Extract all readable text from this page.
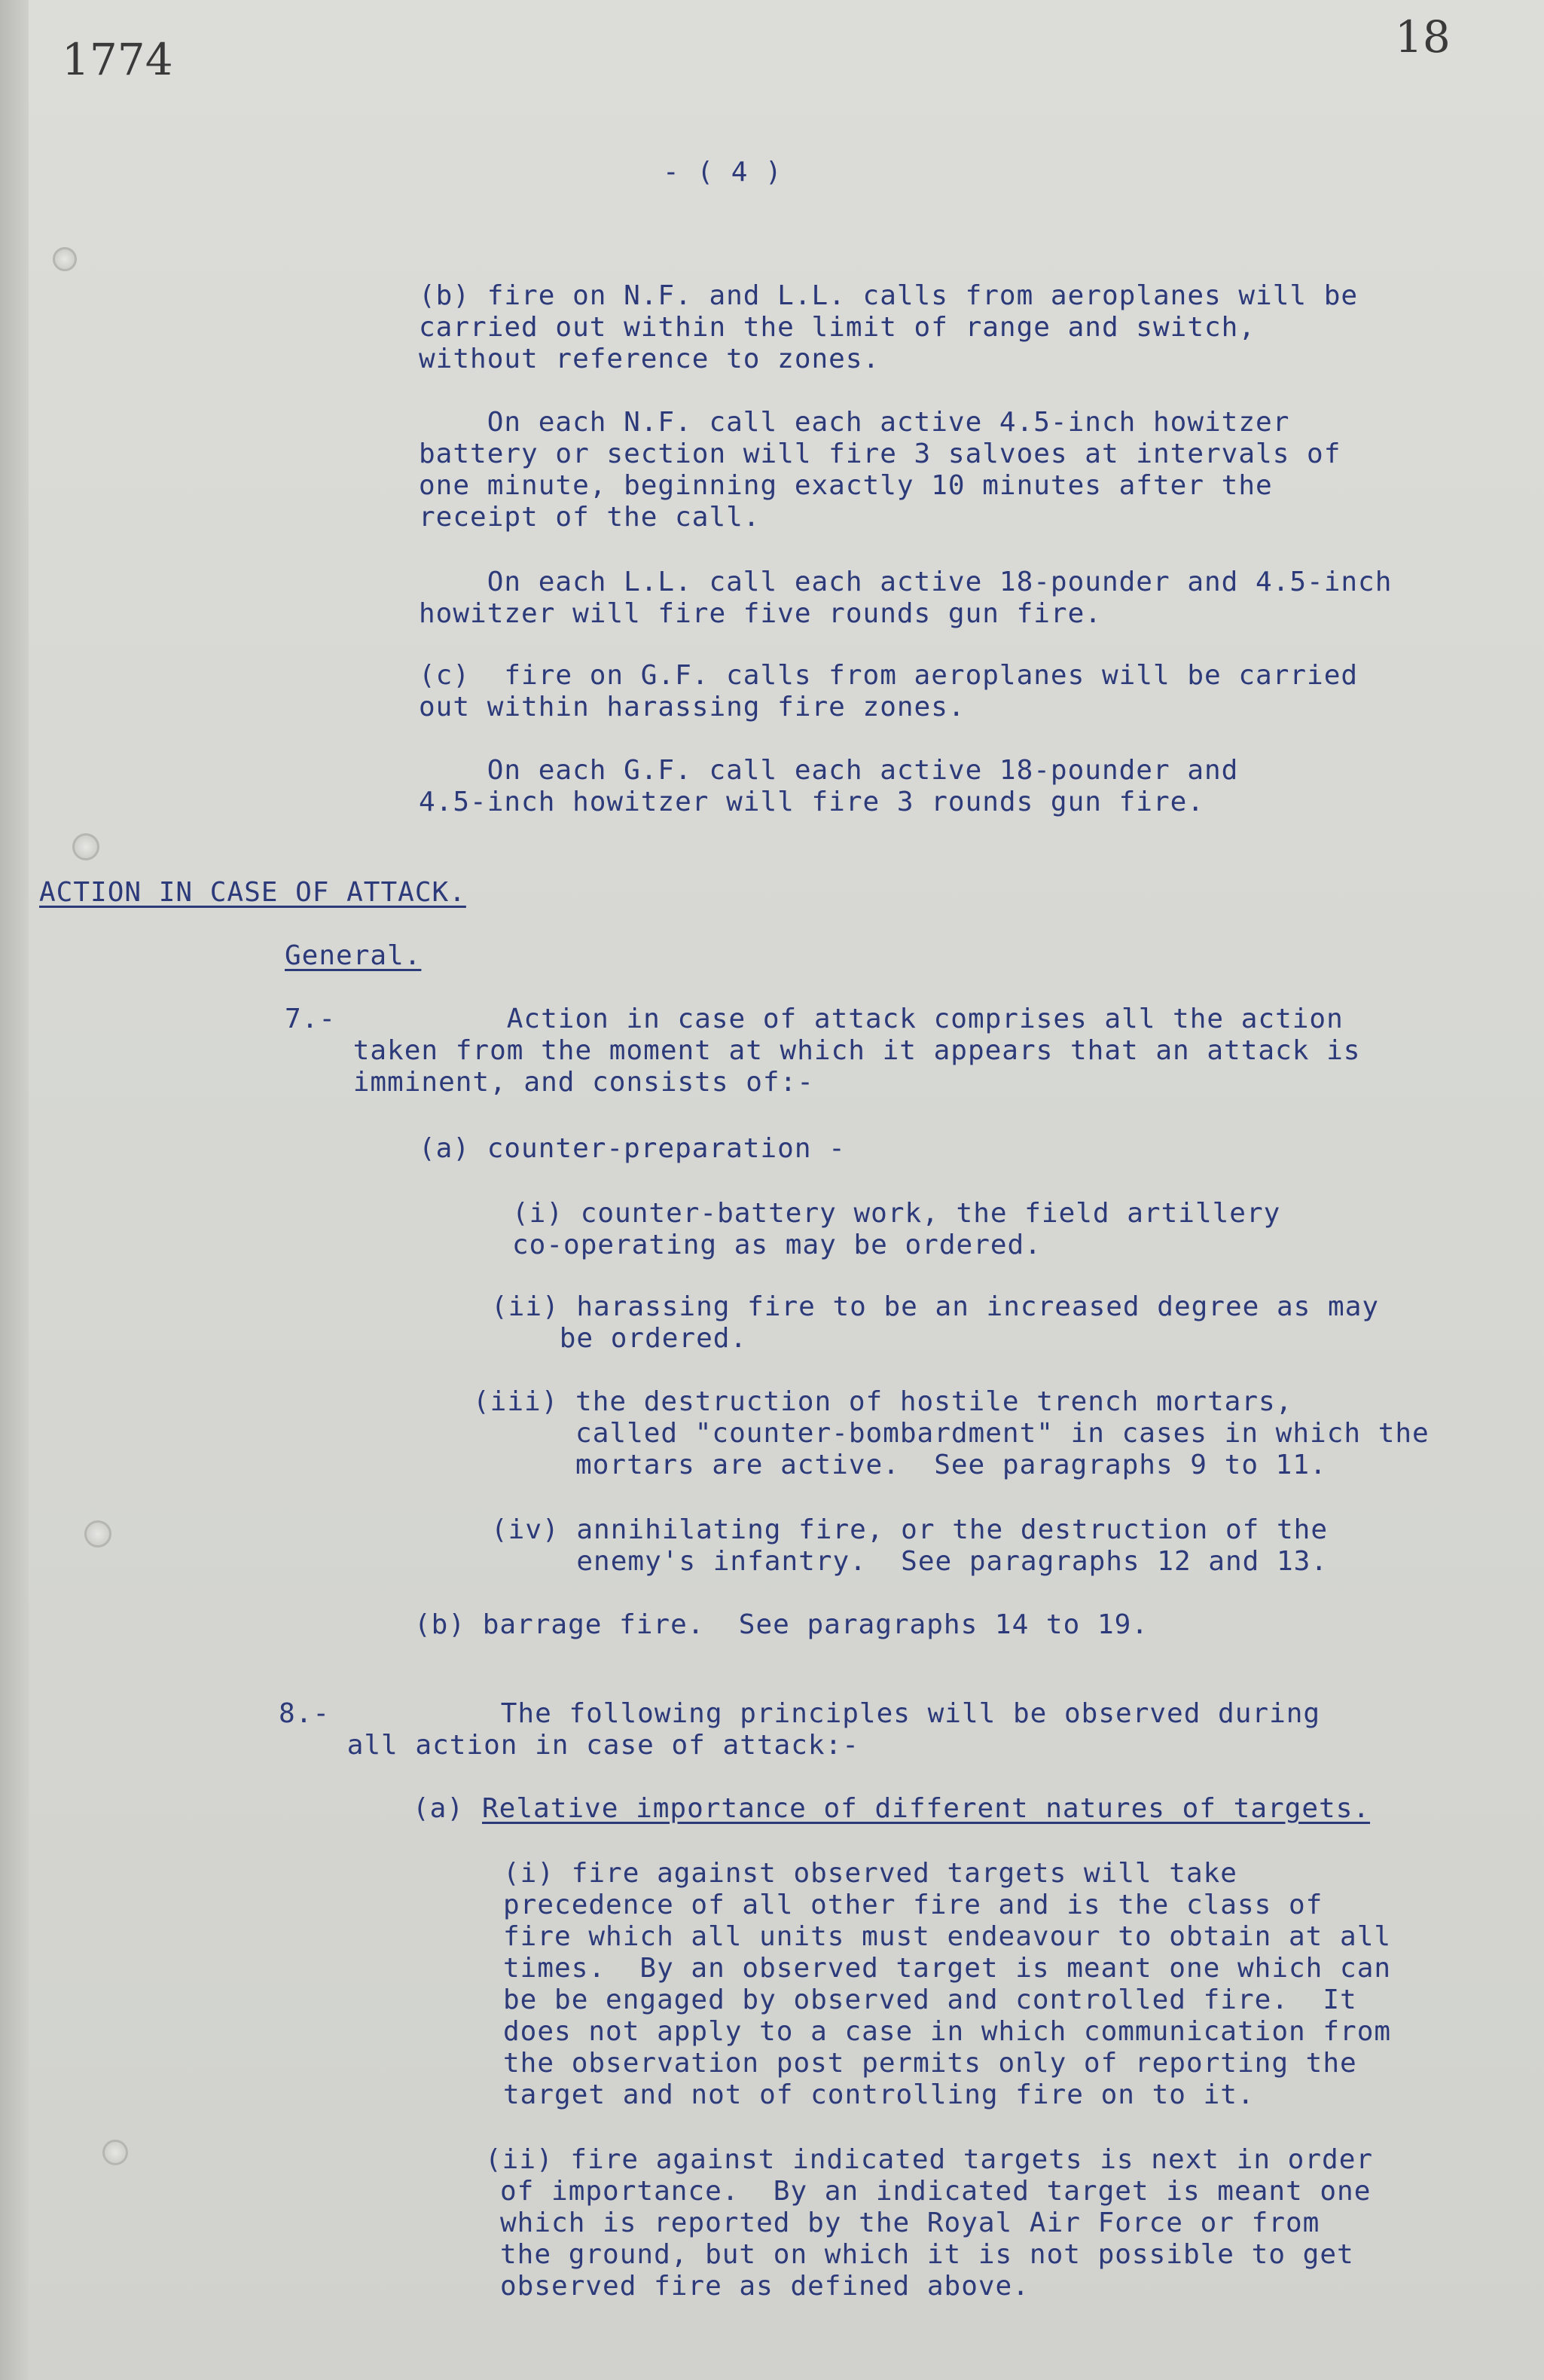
1774	18
- ( 4 )
(b) fire on N.F. and L.L. calls from aeroplanes will be
carried out within the limit of range and switch,
without reference to zones.
On each N.F. call each active 4.5-inch howitzer
battery or section will fire 3 salvoes at intervals of
one minute, beginning exactly 10 minutes after the
receipt of the call.
On each L.L. call each active 18-pounder and 4.5-inch
howitzer will fire five rounds gun fire.
(c)  fire on G.F. calls from aeroplanes will be carried
out within harassing fire zones.
On each G.F. call each active 18-pounder and
4.5-inch howitzer will fire 3 rounds gun fire.
ACTION IN CASE OF ATTACK.
General.
7.-          Action in case of attack comprises all the action
taken from the moment at which it appears that an attack is
imminent, and consists of:-
(a) counter-preparation -
(i) counter-battery work, the field artillery
co-operating as may be ordered.
(ii) harassing fire to be an increased degree as may
be ordered.
(iii) the destruction of hostile trench mortars,
called "counter-bombardment" in cases in which the
mortars are active.  See paragraphs 9 to 11.
(iv) annihilating fire, or the destruction of the
enemy's infantry.  See paragraphs 12 and 13.
(b) barrage fire.  See paragraphs 14 to 19.
8.-          The following principles will be observed during
all action in case of attack:-
(a) Relative importance of different natures of targets.
(i) fire against observed targets will take
precedence of all other fire and is the class of
fire which all units must endeavour to obtain at all
times.  By an observed target is meant one which can
be be engaged by observed and controlled fire.  It
does not apply to a case in which communication from
the observation post permits only of reporting the
target and not of controlling fire on to it.
(ii) fire against indicated targets is next in order
of importance.  By an indicated target is meant one
which is reported by the Royal Air Force or from
the ground, but on which it is not possible to get
observed fire as defined above.
